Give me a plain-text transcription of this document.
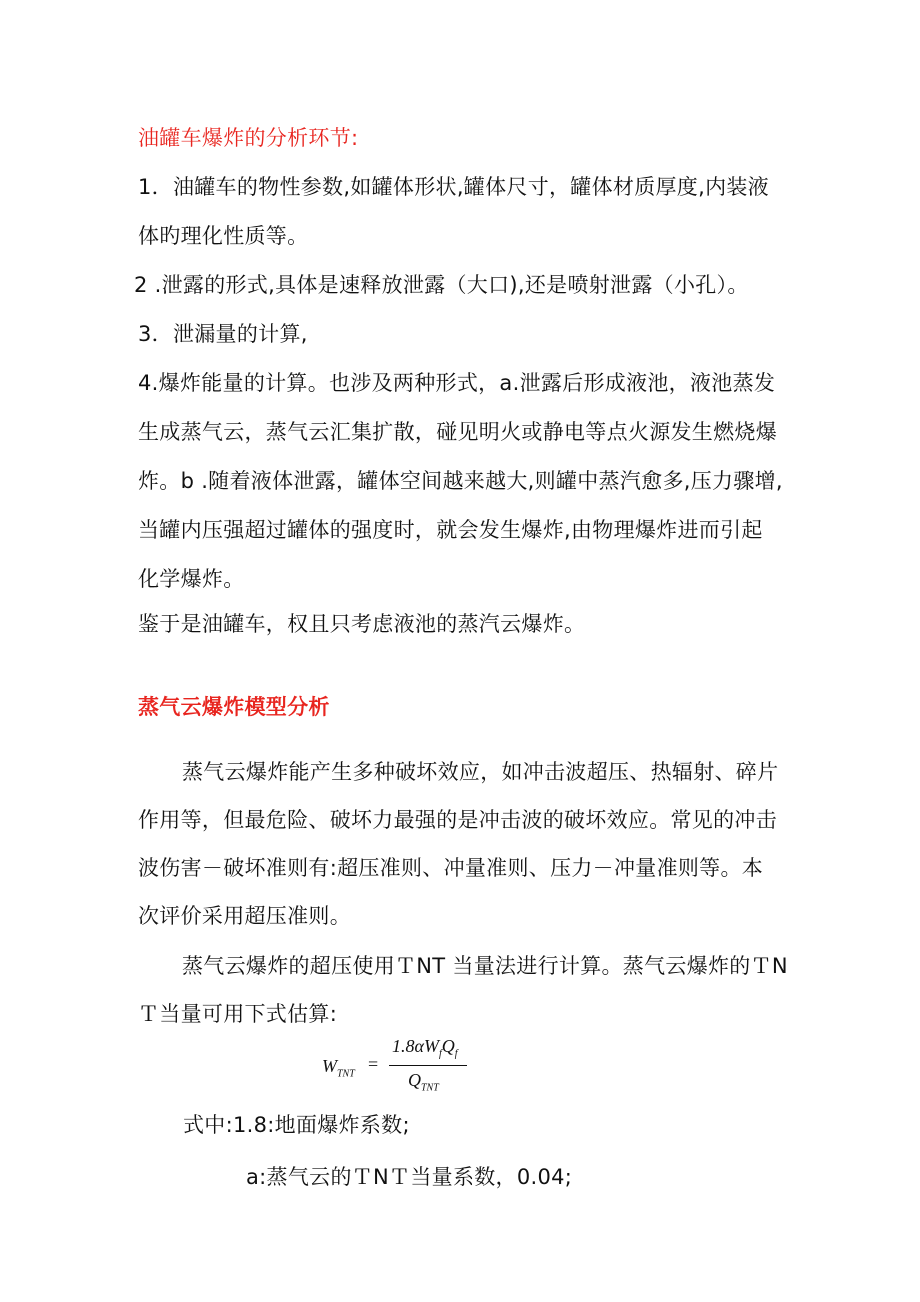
油罐车爆炸的分析环节:
1．油罐车的物性参数,如罐体形状,罐体尺寸，罐体材质厚度,内装液
体旳理化性质等。
2 .泄露的形式,具体是速释放泄露（大口),还是喷射泄露（小孔）。
3．泄漏量的计算,
4.爆炸能量的计算。也涉及两种形式，a.泄露后形成液池，液池蒸发
生成蒸气云，蒸气云汇集扩散，碰见明火或静电等点火源发生燃烧爆
炸。b .随着液体泄露，罐体空间越来越大,则罐中蒸汽愈多,压力骤增,
当罐内压强超过罐体的强度时，就会发生爆炸,由物理爆炸进而引起
化学爆炸。
鉴于是油罐车，权且只考虑液池的蒸汽云爆炸。
蒸气云爆炸模型分析
蒸气云爆炸能产生多种破坏效应，如冲击波超压、热辐射、碎片
作用等，但最危险、破坏力最强的是冲击波的破坏效应。常见的冲击
波伤害－破坏准则有:超压准则、冲量准则、压力－冲量准则等。本
次评价采用超压准则。
蒸气云爆炸的超压使用ＴNT 当量法进行计算。蒸气云爆炸的ＴN
Ｔ当量可用下式估算:
$W_{TNT}$
=
$1.8\alpha W_fQ_f$
$Q_{TNT}$
式中:1.8:地面爆炸系数;
a:蒸气云的ＴNＴ当量系数，0.04;
